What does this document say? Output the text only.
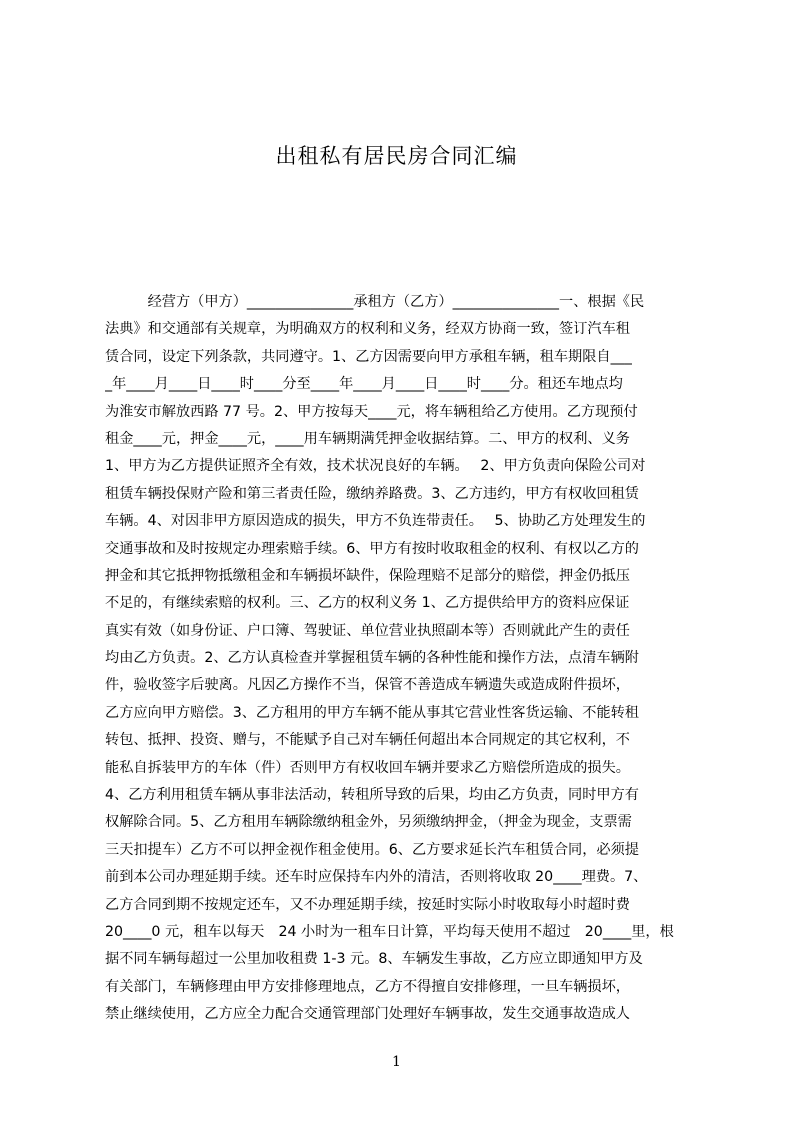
出租私有居民房合同汇编
　　　经营方（甲方）_______________承租方（乙方）_______________一、根据《民
法典》和交通部有关规章，为明确双方的权利和义务，经双方协商一致，签订汽车租
赁合同，设定下列条款，共同遵守。1、乙方因需要向甲方承租车辆，租车期限自___
_年____月____日____时____分至____年____月____日____时____分。租还车地点均
为淮安市解放西路 77 号。2、甲方按每天____元，将车辆租给乙方使用。乙方现预付
租金____元，押金____元，____用车辆期满凭押金收据结算。二、甲方的权利、义务
1、甲方为乙方提供证照齐全有效，技术状况良好的车辆。　 2、甲方负责向保险公司对
租赁车辆投保财产险和第三者责任险，缴纳养路费。3、乙方违约，甲方有权收回租赁
车辆。4、对因非甲方原因造成的损失，甲方不负连带责任。　 5、协助乙方处理发生的
交通事故和及时按规定办理索赔手续。6、甲方有按时收取租金的权利、有权以乙方的
押金和其它抵押物抵缴租金和车辆损坏缺件，保险理赔不足部分的赔偿，押金仍抵压
不足的，有继续索赔的权利。三、乙方的权利义务 1、乙方提供给甲方的资料应保证
真实有效（如身份证、户口簿、驾驶证、单位营业执照副本等）否则就此产生的责任
均由乙方负责。2、乙方认真检查并掌握租赁车辆的各种性能和操作方法，点清车辆附
件，验收签字后驶离。凡因乙方操作不当，保管不善造成车辆遗失或造成附件损坏，
乙方应向甲方赔偿。3、乙方租用的甲方车辆不能从事其它营业性客货运输、不能转租
转包、抵押、投资、赠与，不能赋予自己对车辆任何超出本合同规定的其它权利，不
能私自拆装甲方的车体（件）否则甲方有权收回车辆并要求乙方赔偿所造成的损失。
4、乙方利用租赁车辆从事非法活动，转租所导致的后果，均由乙方负责，同时甲方有
权解除合同。5、乙方租用车辆除缴纳租金外，另须缴纳押金，（押金为现金，支票需
三天扣提车）乙方不可以押金视作租金使用。6、乙方要求延长汽车租赁合同，必须提
前到本公司办理延期手续。还车时应保持车内外的清洁，否则将收取 20____理费。7、
乙方合同到期不按规定还车，又不办理延期手续，按延时实际小时收取每小时超时费
20____0 元，租车以每天　24 小时为一租车日计算，平均每天使用不超过　20____里，根
据不同车辆每超过一公里加收租费 1-3 元。8、车辆发生事故，乙方应立即通知甲方及
有关部门，车辆修理由甲方安排修理地点，乙方不得擅自安排修理，一旦车辆损坏，
禁止继续使用，乙方应全力配合交通管理部门处理好车辆事故，发生交通事故造成人
1
